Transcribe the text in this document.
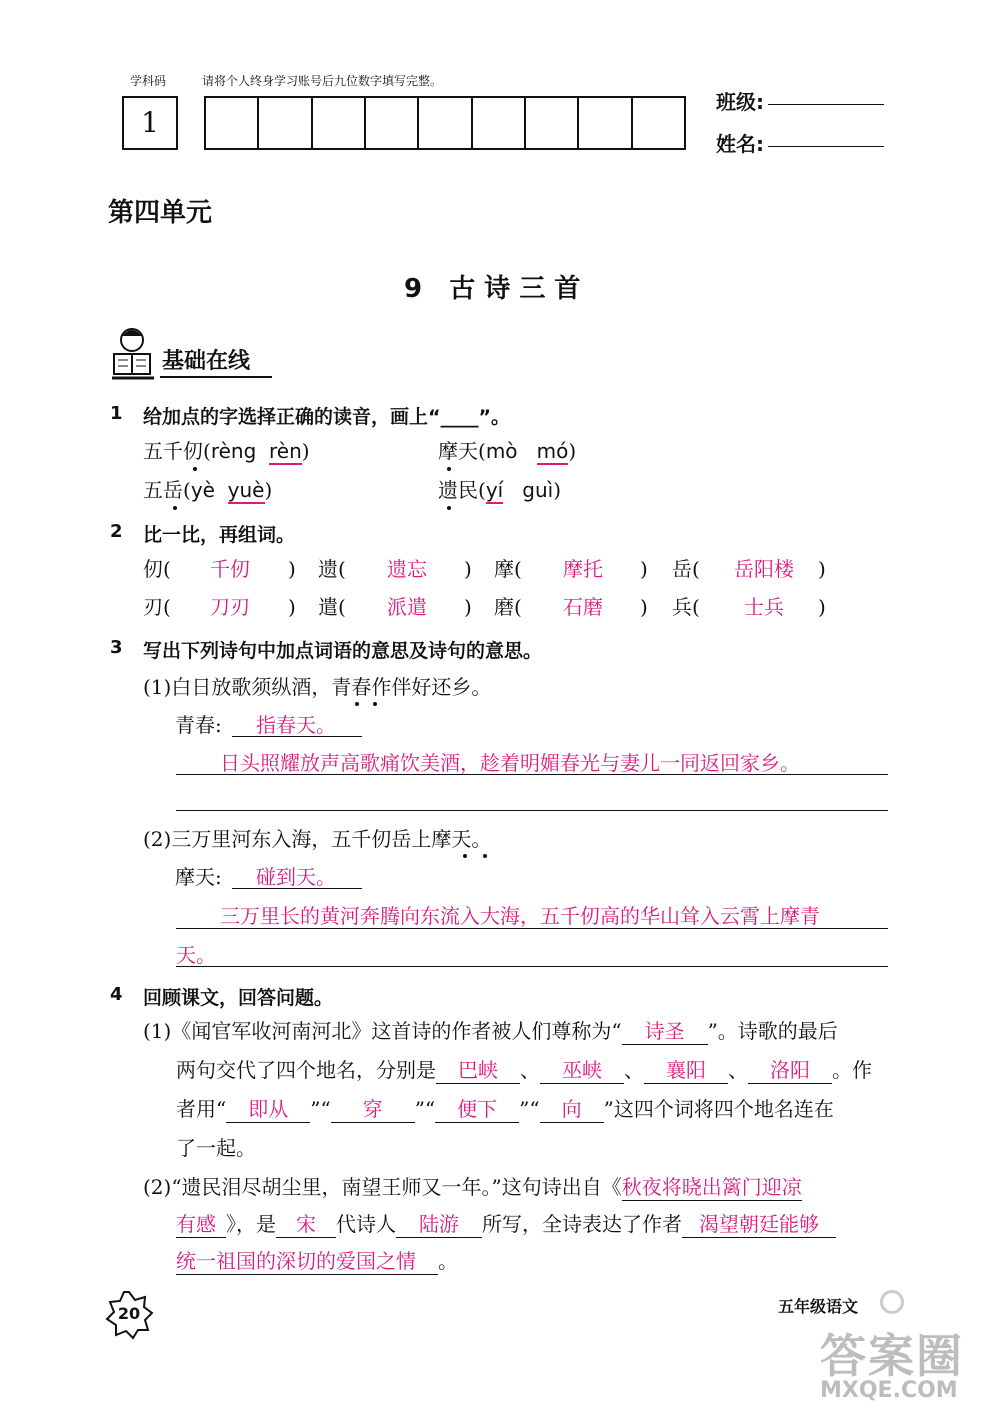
学科码	请将个人终身学习账号后九位数字填写完整。
1
班级:
姓名:
第四单元
9   古 诗 三 首
基础在线
1 给加点的字选择正确的读音，画上“____”。
五千仞(rèng rèn)	摩天(mò mó)
五岳(yè yuè)	遗民(yí guì)
2 比一比，再组词。
仞(	千仞	) 遗(	遗忘	) 摩(	摩托	) 岳(	岳阳楼	)
刃(	刀刃	) 遣(	派遣	) 磨(	石磨	) 兵(	士兵	)
3 写出下列诗句中加点词语的意思及诗句的意思。
(1)白日放歌须纵酒，青春作伴好还乡。
青春:	指春天。
日头照耀放声高歌痛饮美酒，趁着明媚春光与妻儿一同返回家乡。
(2)三万里河东入海，五千仞岳上摩天。
摩天:	碰到天。
三万里长的黄河奔腾向东流入大海，五千仞高的华山耸入云霄上摩青
天。
4 回顾课文，回答问题。
(1)《闻官军收河南河北》这首诗的作者被人们尊称为“ 诗圣 ”。诗歌的最后
两句交代了四个地名，分别是 巴峡 、 巫峡 、 襄阳 、 洛阳 。作
者用“ 即从 ”“ 穿 ”“ 便下 ”“ 向 ”这四个词将四个地名连在
了一起。
(2)“遗民泪尽胡尘里，南望王师又一年。”这句诗出自《秋夜将晓出篱门迎凉
有感 》，是 宋 代诗人 陆游 所写，全诗表达了作者 渴望朝廷能够
统一祖国的深切的爱国之情 。
20	五年级语文
答案圈
MXQE.COM
